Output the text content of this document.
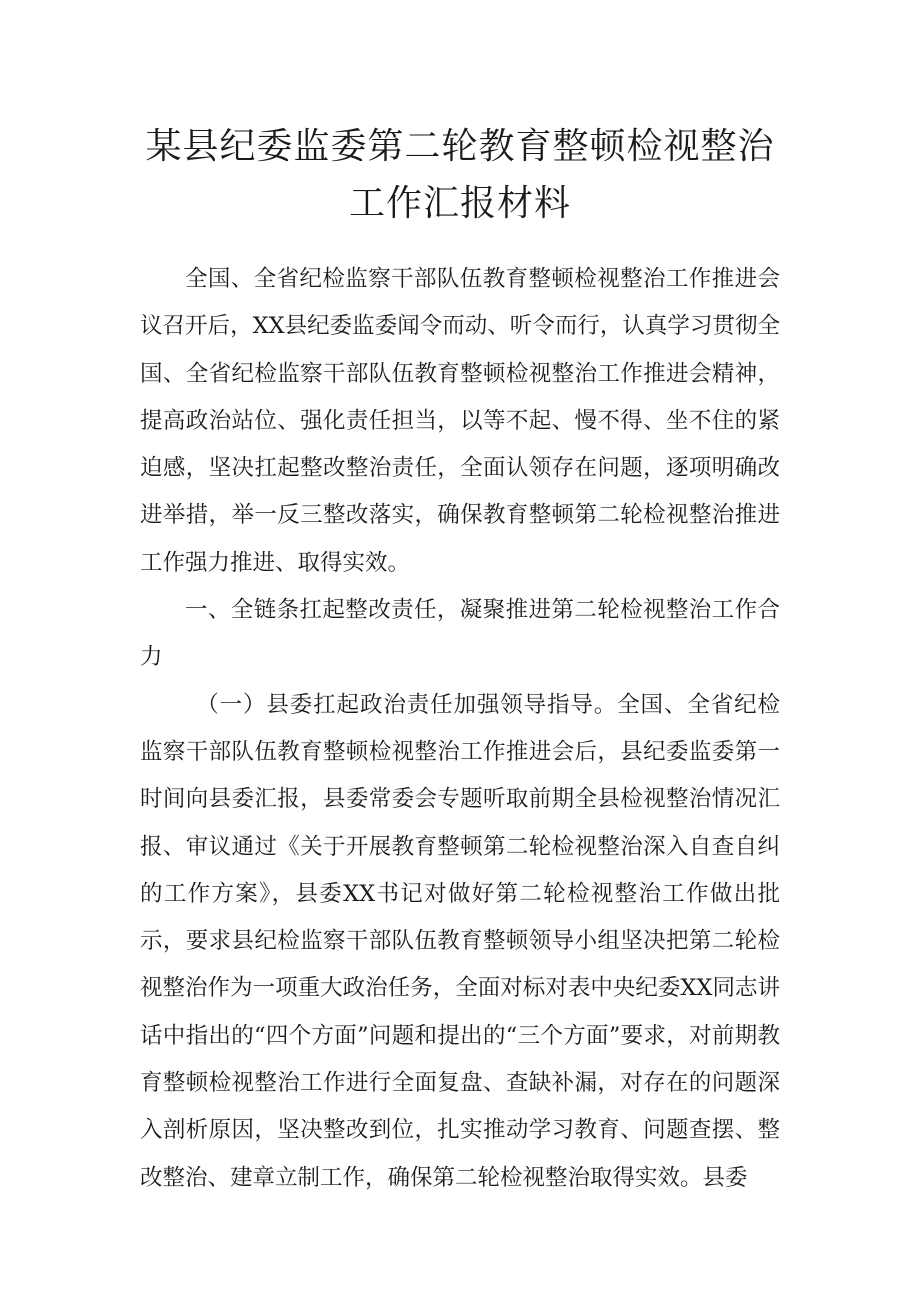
某县纪委监委第二轮教育整顿检视整治工作汇报材料

全国、全省纪检监察干部队伍教育整顿检视整治工作推进会议召开后，XX县纪委监委闻令而动、听令而行，认真学习贯彻全国、全省纪检监察干部队伍教育整顿检视整治工作推进会精神，提高政治站位、强化责任担当，以等不起、慢不得、坐不住的紧迫感，坚决扛起整改整治责任，全面认领存在问题，逐项明确改进举措，举一反三整改落实，确保教育整顿第二轮检视整治推进工作强力推进、取得实效。

一、全链条扛起整改责任，凝聚推进第二轮检视整治工作合力

（一）县委扛起政治责任加强领导指导。全国、全省纪检监察干部队伍教育整顿检视整治工作推进会后，县纪委监委第一时间向县委汇报，县委常委会专题听取前期全县检视整治情况汇报、审议通过《关于开展教育整顿第二轮检视整治深入自查自纠的工作方案》，县委XX书记对做好第二轮检视整治工作做出批示，要求县纪检监察干部队伍教育整顿领导小组坚决把第二轮检视整治作为一项重大政治任务，全面对标对表中央纪委XX同志讲话中指出的“四个方面”问题和提出的“三个方面”要求，对前期教育整顿检视整治工作进行全面复盘、查缺补漏，对存在的问题深入剖析原因，坚决整改到位，扎实推动学习教育、问题查摆、整改整治、建章立制工作，确保第二轮检视整治取得实效。县委
